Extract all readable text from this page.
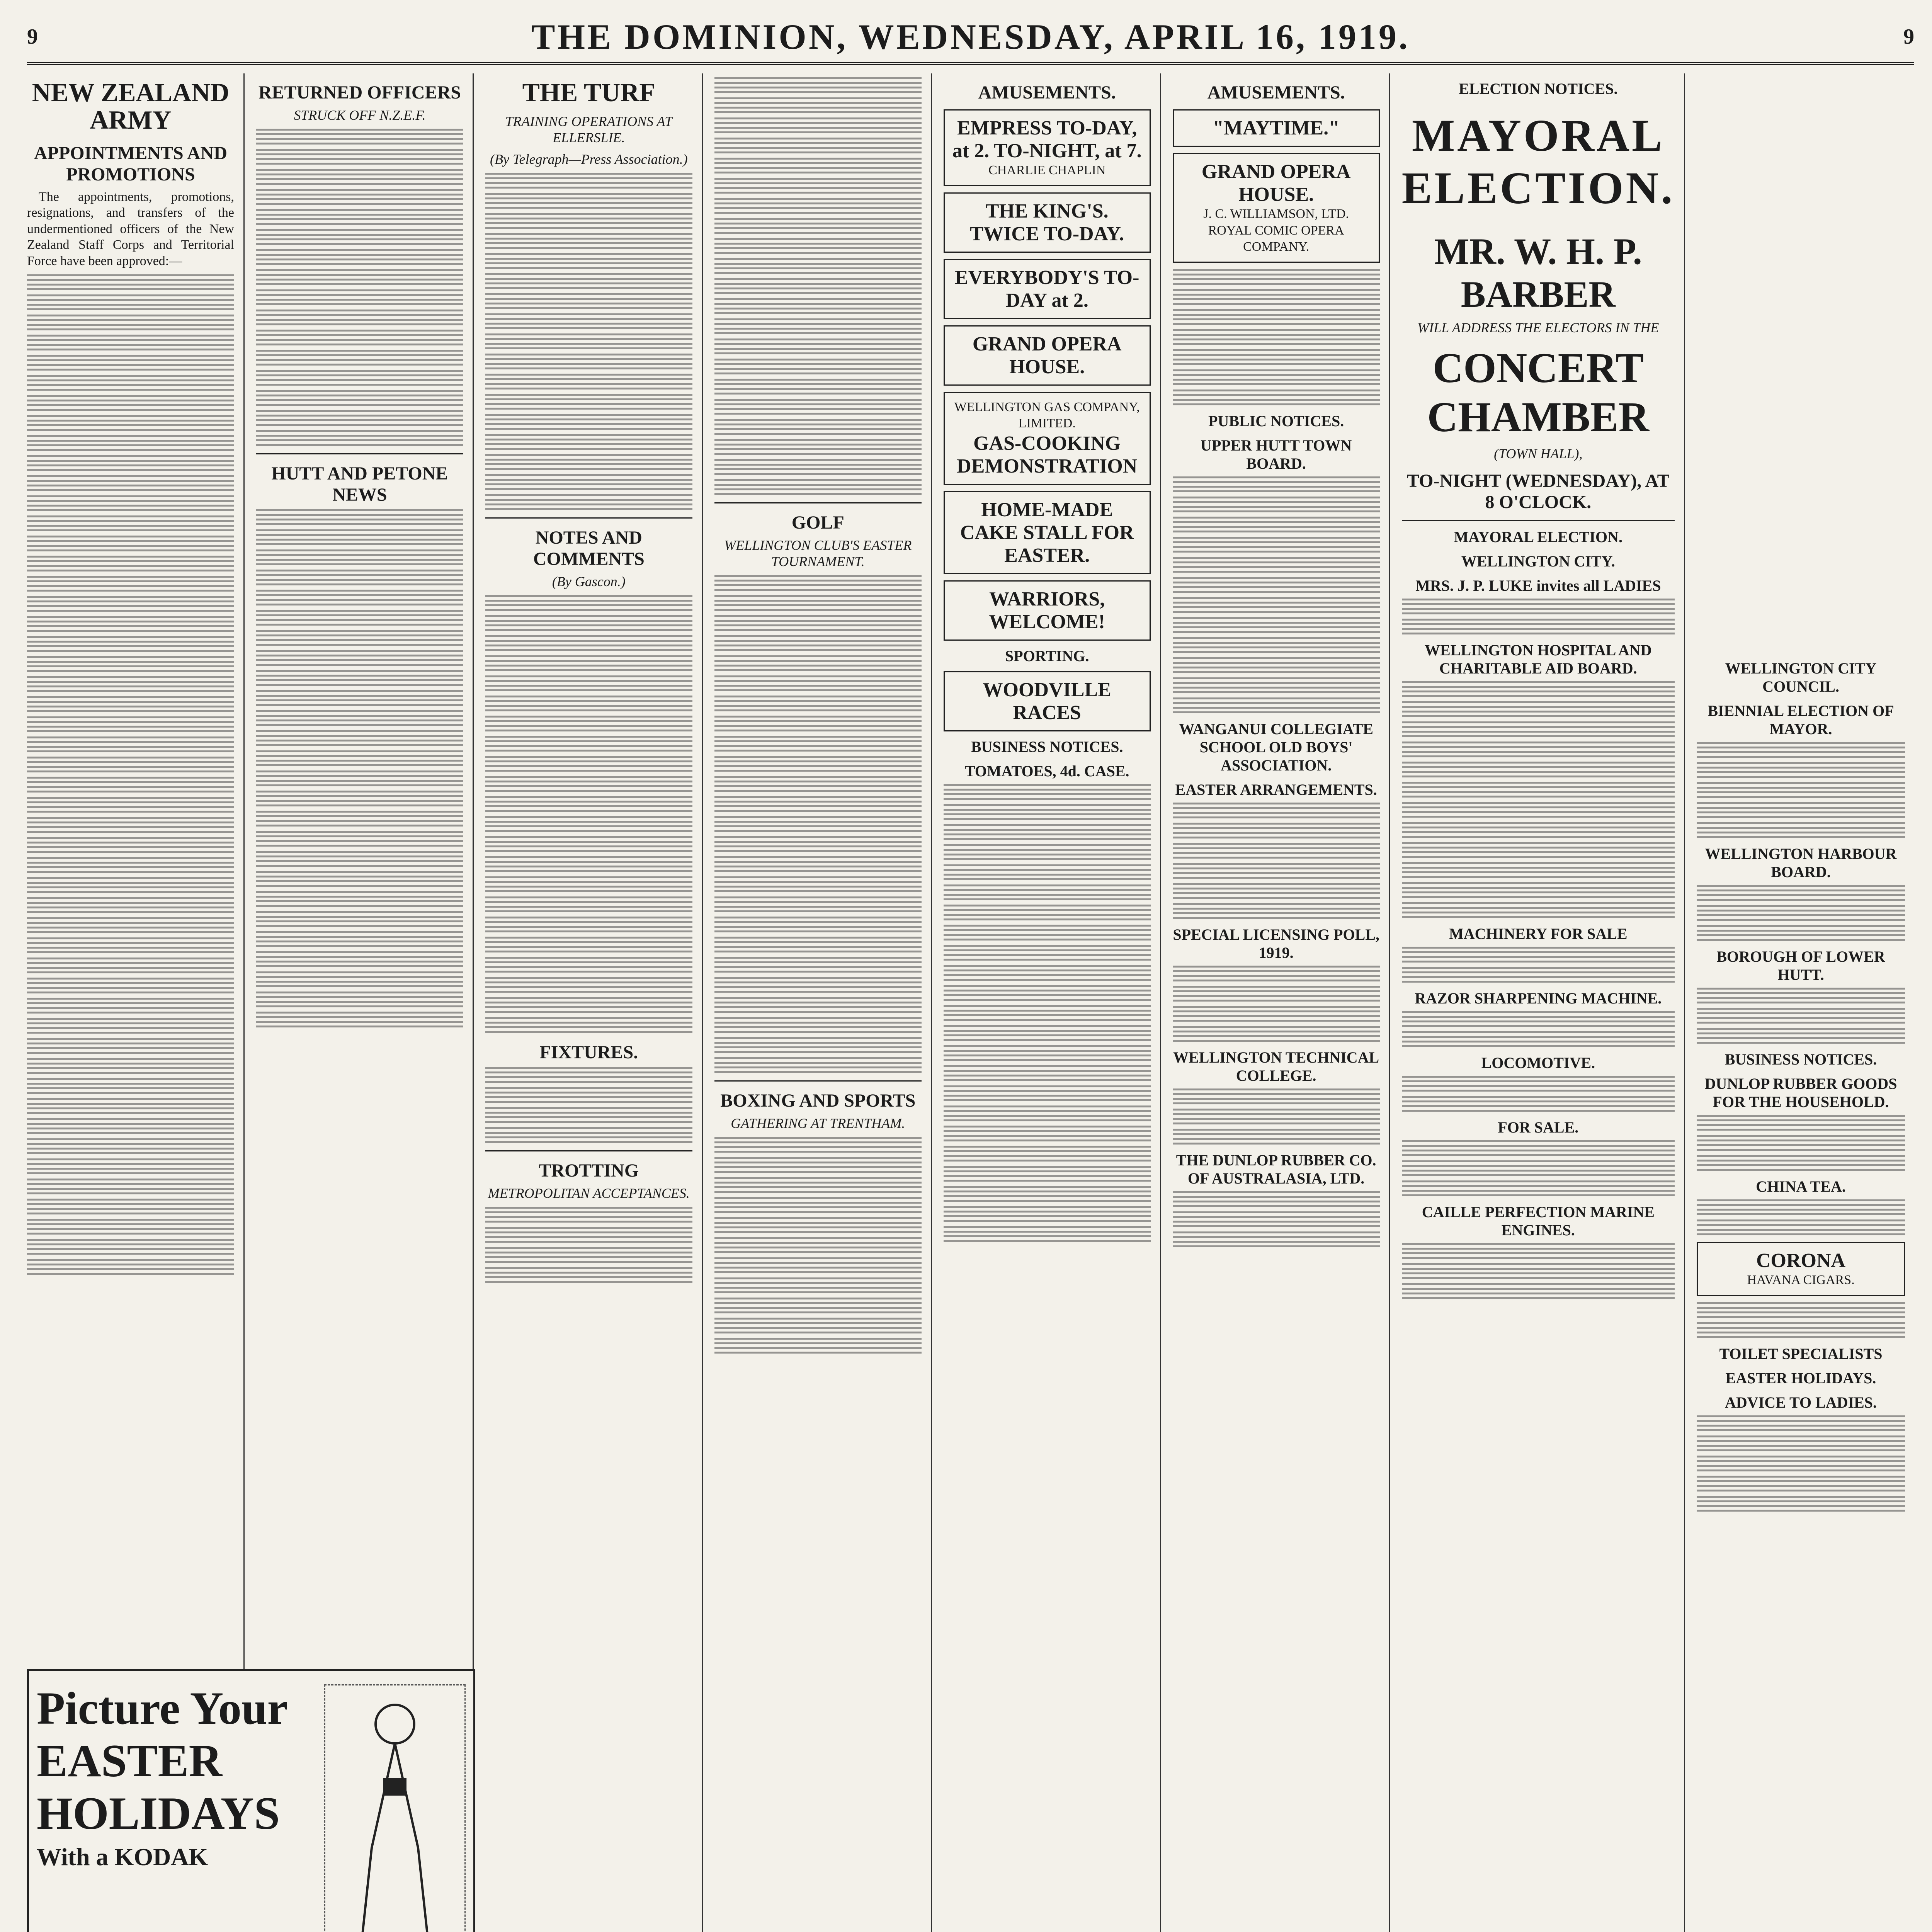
9	THE DOMINION, WEDNESDAY, APRIL 16, 1919.	9
NEW ZEALAND ARMY
APPOINTMENTS AND PROMOTIONS

The appointments, promotions, resignations, and transfers of the undermentioned officers of the New Zealand Staff Corps and Territorial Force have been approved:—

RETURNED OFFICERS
STRUCK OFF N.Z.E.F.
HUTT AND PETONE NEWS
THE TURF
TRAINING OPERATIONS AT ELLERSLIE.
(By Telegraph—Press Association.)
NOTES AND COMMENTS
(By Gascon.)
FIXTURES.
TROTTING
METROPOLITAN ACCEPTANCES.
GOLF
WELLINGTON CLUB'S EASTER TOURNAMENT.
BOXING AND SPORTS
GATHERING AT TRENTHAM.
AMUSEMENTS.
EMPRESS TO-DAY, at 2. TO-NIGHT, at 7.
CHARLIE CHAPLIN
THE KING'S. TWICE TO-DAY.
EVERYBODY'S TO-DAY at 2.
GRAND OPERA HOUSE.
WELLINGTON GAS COMPANY, LIMITED.
GAS-COOKING DEMONSTRATION
HOME-MADE CAKE STALL FOR EASTER.
WARRIORS, WELCOME!
SPORTING.
WOODVILLE RACES
BUSINESS NOTICES.
TOMATOES, 4d. CASE.
AMUSEMENTS.
"MAYTIME."
GRAND OPERA HOUSE.
J. C. WILLIAMSON, LTD.
ROYAL COMIC OPERA COMPANY.
PUBLIC NOTICES.
UPPER HUTT TOWN BOARD.
WANGANUI COLLEGIATE SCHOOL OLD BOYS' ASSOCIATION.
EASTER ARRANGEMENTS.
SPECIAL LICENSING POLL, 1919.
WELLINGTON TECHNICAL COLLEGE.
THE DUNLOP RUBBER CO. OF AUSTRALASIA, LTD.
ELECTION NOTICES.
MAYORAL ELECTION.
MR. W. H. P. BARBER
WILL ADDRESS THE ELECTORS IN THE
CONCERT CHAMBER
(TOWN HALL),
TO-NIGHT (WEDNESDAY), AT 8 O'CLOCK.
MAYORAL ELECTION.
WELLINGTON CITY.
MRS. J. P. LUKE invites all LADIES
WELLINGTON HOSPITAL AND CHARITABLE AID BOARD.
MACHINERY FOR SALE
RAZOR SHARPENING MACHINE.
LOCOMOTIVE.
FOR SALE.
CAILLE PERFECTION MARINE ENGINES.
WELLINGTON CITY COUNCIL.
BIENNIAL ELECTION OF MAYOR.
WELLINGTON HARBOUR BOARD.
BOROUGH OF LOWER HUTT.
BUSINESS NOTICES.
DUNLOP RUBBER GOODS FOR THE HOUSEHOLD.
CHINA TEA.
CORONA
HAVANA CIGARS.
TOILET SPECIALISTS
EASTER HOLIDAYS.
ADVICE TO LADIES.
Picture Your
EASTER
HOLIDAYS
With a KODAK
